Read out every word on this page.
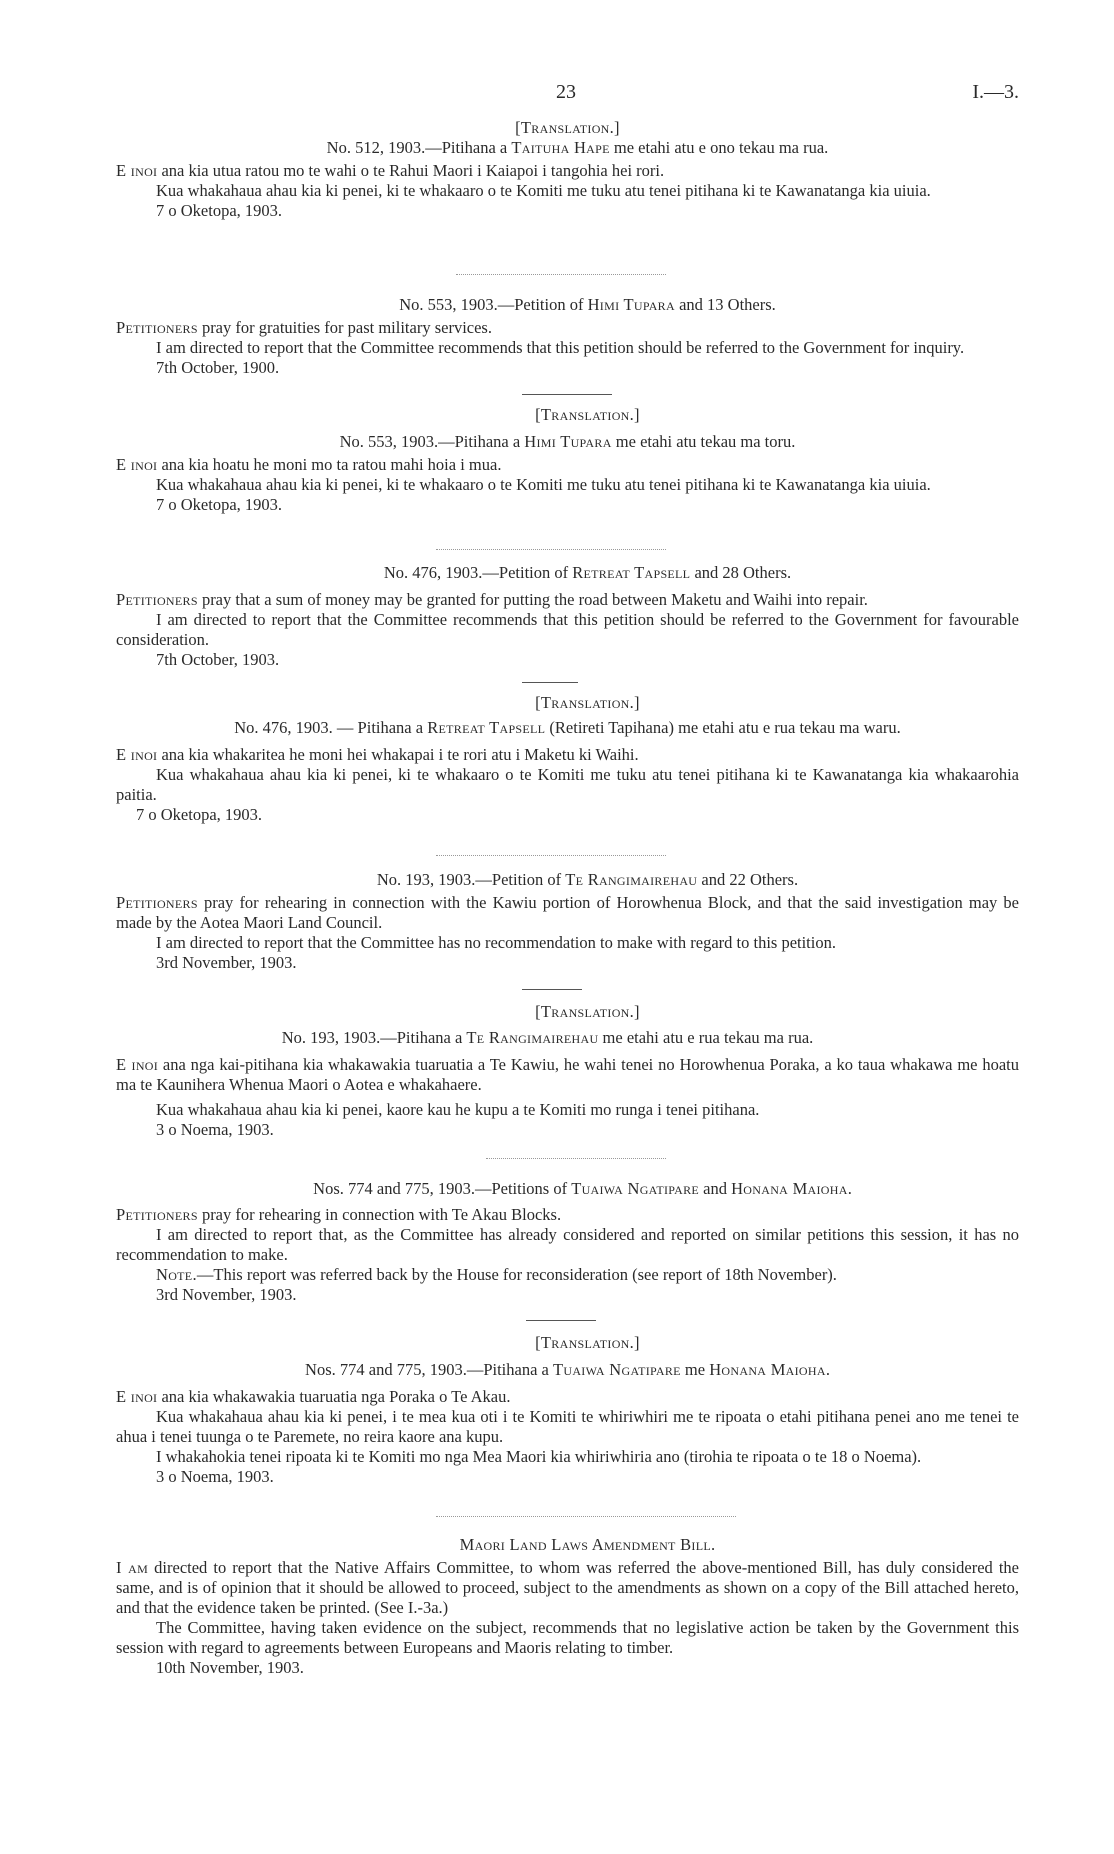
23	I.—3.
[Translation.]
No. 512, 1903.—Pitihana a Taituha Hape me etahi atu e ono tekau ma rua.
E inoi ana kia utua ratou mo te wahi o te Rahui Maori i Kaiapoi i tangohia hei rori.
Kua whakahaua ahau kia ki penei, ki te whakaaro o te Komiti me tuku atu tenei pitihana ki te Kawanatanga kia uiuia.
7 o Oketopa, 1903.
No. 553, 1903.—Petition of Himi Tupara and 13 Others.
Petitioners pray for gratuities for past military services.
I am directed to report that the Committee recommends that this petition should be referred to the Government for inquiry.
7th October, 1900.
[Translation.]
No. 553, 1903.—Pitihana a Himi Tupara me etahi atu tekau ma toru.
E inoi ana kia hoatu he moni mo ta ratou mahi hoia i mua.
Kua whakahaua ahau kia ki penei, ki te whakaaro o te Komiti me tuku atu tenei pitihana ki te Kawanatanga kia uiuia.
7 o Oketopa, 1903.
No. 476, 1903.—Petition of Retreat Tapsell and 28 Others.
Petitioners pray that a sum of money may be granted for putting the road between Maketu and Waihi into repair.
I am directed to report that the Committee recommends that this petition should be referred to the Government for favourable consideration.
7th October, 1903.
[Translation.]
No. 476, 1903. — Pitihana a Retreat Tapsell (Retireti Tapihana) me etahi atu e rua tekau ma waru.
E inoi ana kia whakaritea he moni hei whakapai i te rori atu i Maketu ki Waihi.
Kua whakahaua ahau kia ki penei, ki te whakaaro o te Komiti me tuku atu tenei pitihana ki te Kawanatanga kia whakaarohia paitia.
7 o Oketopa, 1903.
No. 193, 1903.—Petition of Te Rangimairehau and 22 Others.
Petitioners pray for rehearing in connection with the Kawiu portion of Horowhenua Block, and that the said investigation may be made by the Aotea Maori Land Council.
I am directed to report that the Committee has no recommendation to make with regard to this petition.
3rd November, 1903.
[Translation.]
No. 193, 1903.—Pitihana a Te Rangimairehau me etahi atu e rua tekau ma rua.
E inoi ana nga kai-pitihana kia whakawakia tuaruatia a Te Kawiu, he wahi tenei no Horowhenua Poraka, a ko taua whakawa me hoatu ma te Kaunihera Whenua Maori o Aotea e whakahaere.
Kua whakahaua ahau kia ki penei, kaore kau he kupu a te Komiti mo runga i tenei pitihana.
3 o Noema, 1903.
Nos. 774 and 775, 1903.—Petitions of Tuaiwa Ngatipare and Honana Maioha.
Petitioners pray for rehearing in connection with Te Akau Blocks.
I am directed to report that, as the Committee has already considered and reported on similar petitions this session, it has no recommendation to make.
Note.—This report was referred back by the House for reconsideration (see report of 18th November).
3rd November, 1903.
[Translation.]
Nos. 774 and 775, 1903.—Pitihana a Tuaiwa Ngatipare me Honana Maioha.
E inoi ana kia whakawakia tuaruatia nga Poraka o Te Akau.
Kua whakahaua ahau kia ki penei, i te mea kua oti i te Komiti te whiriwhiri me te ripoata o etahi pitihana penei ano me tenei te ahua i tenei tuunga o te Paremete, no reira kaore ana kupu.
I whakahokia tenei ripoata ki te Komiti mo nga Mea Maori kia whiriwhiria ano (tirohia te ripoata o te 18 o Noema).
3 o Noema, 1903.
Maori Land Laws Amendment Bill.
I am directed to report that the Native Affairs Committee, to whom was referred the above-mentioned Bill, has duly considered the same, and is of opinion that it should be allowed to proceed, subject to the amendments as shown on a copy of the Bill attached hereto, and that the evidence taken be printed. (See I.-3a.)
The Committee, having taken evidence on the subject, recommends that no legislative action be taken by the Government this session with regard to agreements between Europeans and Maoris relating to timber.
10th November, 1903.
